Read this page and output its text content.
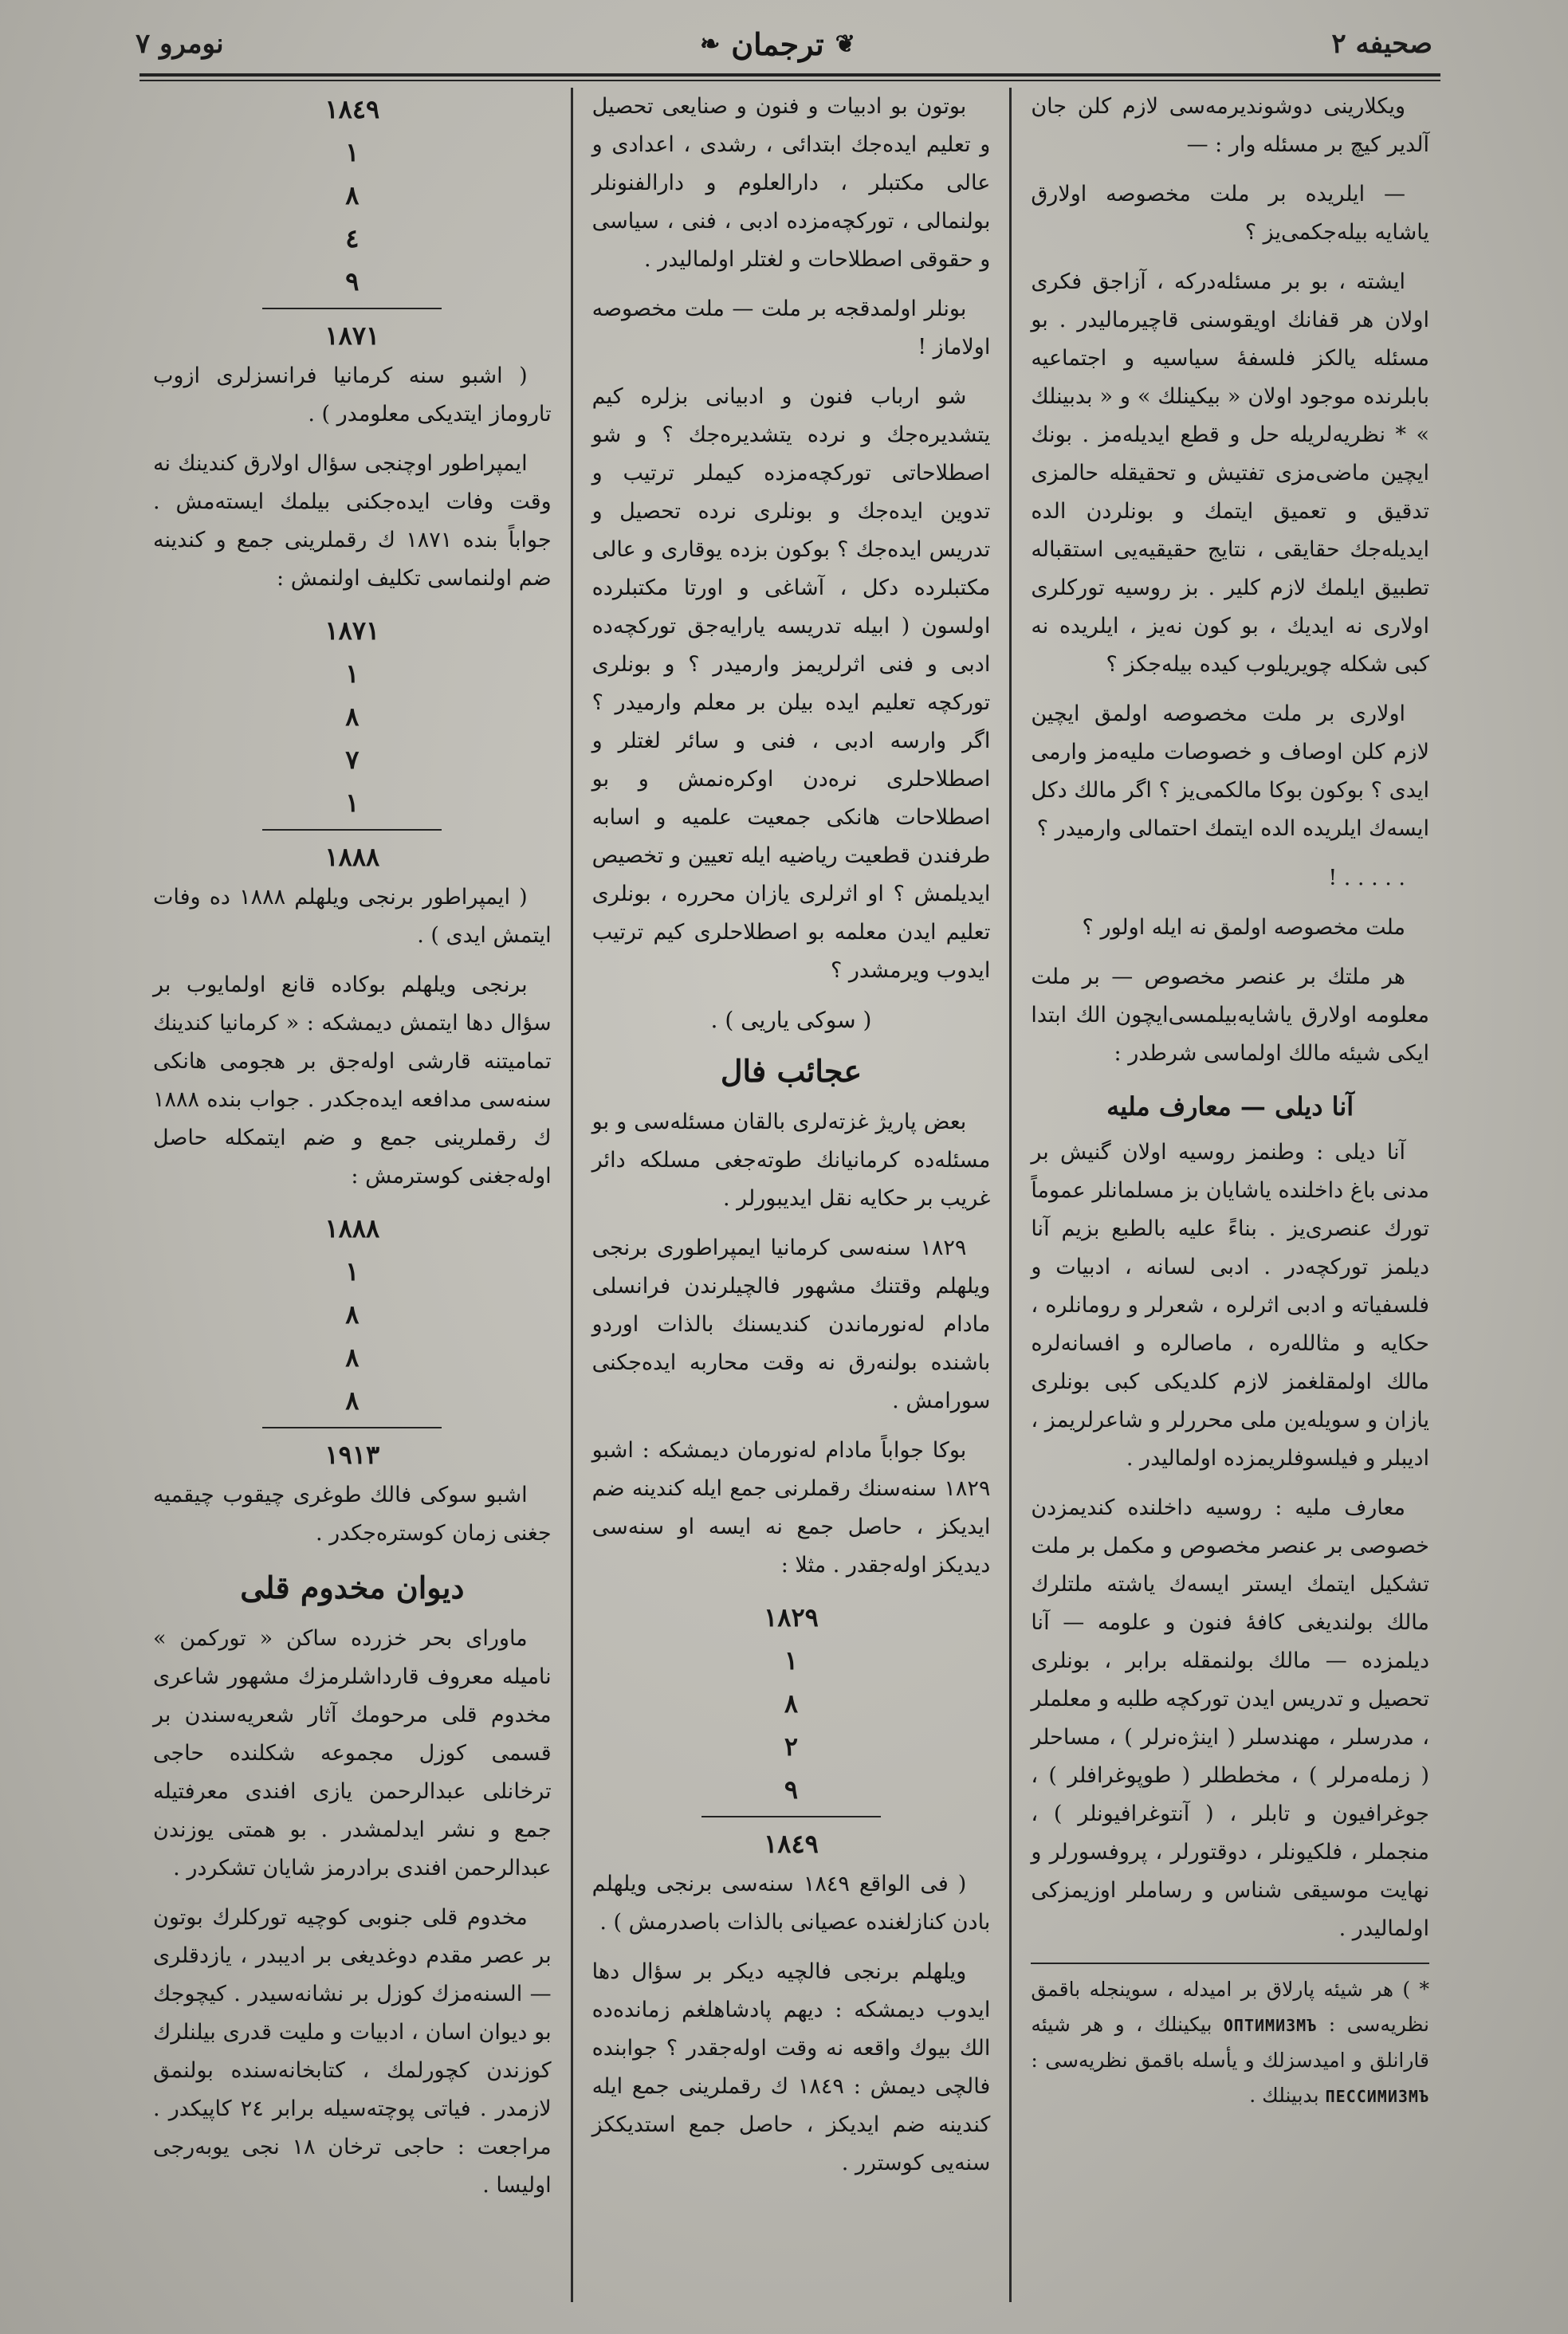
صحيفه ٢
❦
ترجمان
❧
نومرو ٧

ویكلارینی دوشوندیرمه‌سی لازم كلن جان آلدیر كیچ بر مسئله وار : —

— ایلریده بر ملت مخصوصه اولارق یاشایه بیله‌جكمی‌یز ؟

ایشته ، بو بر مسئله‌دركه ، آزاجق فكری اولان هر قفانك اویقوسنی قاچیرمالیدر . بو مسئله یالكز فلسفهٔ سیاسیه و اجتماعیه بابلرنده موجود اولان « بیكینلك » و « بدبینلك » * نظریه‌لریله حل و قطع ایدیله‌مز . بونك ایچین ماضی‌مزی تفتیش و تحقیقله حالمزی تدقیق و تعمیق ایتمك و بونلردن الده ایدیله‌جك حقایقی ، نتایج حقیقیه‌یی استقباله تطبیق ایلمك لازم كلیر . بز روسیه توركلری اولاری نه ایدیك ، بو كون نه‌یز ، ایلریده نه كبی شكله چویریلوب كیده بیله‌جكز ؟

اولاری بر ملت مخصوصه اولمق ایچین لازم كلن اوصاف و خصوصات ملیه‌مز وارمی ایدی ؟ بوكون بوكا مالكمی‌یز ؟ اگر مالك دكل ایسه‌ك ایلریده الده ایتمك احتمالی وارمیدر ؟

. . . . . !

ملت مخصوصه اولمق نه ایله اولور ؟

هر ملتك بر عنصر مخصوص — بر ملت معلومه اولارق یاشایه‌بیلمسی‌ایچون الك ابتدا ایكی شیئه مالك اولماسی شرطدر :

آنا دیلی — معارف ملیه

آنا دیلی : وطنمز روسیه اولان گنیش بر مدنی باغ داخلنده یاشایان بز مسلمانلر عموماً تورك عنصری‌یز . بناءً علیه بالطبع بزیم آنا دیلمز توركچه‌در . ادبی لسانه ، ادبیات و فلسفیاته و ادبی اثرلره ، شعرلر و رومانلره ، حكایه و مثالله‌ره ، ماصالره و افسانه‌لره مالك اولمقلغمز لازم كلدیكی كبی بونلری یازان و سویله‌ین ملی محررلر و شاعرلریمز ، ادیبلر و فیلسوفلریمزده اولمالیدر .

معارف ملیه : روسیه داخلنده كندیمزدن خصوصی بر عنصر مخصوص و مكمل بر ملت تشكیل ایتمك ایستر ایسه‌ك یاشته ملتلرك مالك بولندیغی كافهٔ فنون و علومه — آنا دیلمزده — مالك بولنمقله برابر ، بونلری تحصیل و تدریس ایدن توركچه طلبه و معلملر ، مدرسلر ، مهندسلر ( اینژه‌نرلر ) ، مساحلر ( زمله‌مرلر ) ، مخططلر ( طوپوغرافلر ) ، جوغرافیون و تابلر ، ( آنتوغرافیونلر ) ، منجملر ، فلكیونلر ، دوقتورلر ، پروفسورلر و نهایت موسیقی شناس و رساملر اوزیمزكی اولمالیدر .

* ) هر شیئه پارلاق بر امیدله ، سوینجله باقمق نظریه‌سی : ОПТИМИЗМЪ بیكینلك ، و هر شیئه قارانلق و امیدسزلك و یأسله باقمق نظریه‌سی : ПЕССИМИЗМЪ بدبینلك .

بوتون بو ادبیات و فنون و صنایعی تحصیل و تعلیم ایده‌جك ابتدائی ، رشدی ، اعدادی و عالی مكتبلر ، دارالعلوم و دارالفنونلر بولنمالی ، توركچه‌مزده ادبی ، فنی ، سیاسی و حقوقی اصطلاحات و لغتلر اولمالیدر .

بونلر اولمدقجه بر ملت — ملت مخصوصه اولاماز !

شو ارباب فنون و ادبیانی بزلره كیم یتشدیره‌جك و نرده یتشدیره‌جك ؟ و شو اصطلاحاتی توركچه‌مزده كیملر ترتیب و تدوین ایده‌جك و بونلری نرده تحصیل و تدریس ایده‌جك ؟ بوكون بزده یوقاری و عالی مكتبلرده دكل ، آشاغی و اورتا مكتبلرده اولسون ( ابیله تدریسه یارایه‌جق توركچه‌ده ادبی و فنی اثرلریمز وارمیدر ؟ و بونلری توركچه تعلیم ایده بیلن بر معلم وارمیدر ؟ اگر وارسه ادبی ، فنی و سائر لغتلر و اصطلاحلری نره‌دن اوكره‌نمش و بو اصطلاحات هانكی جمعیت علمیه و اسابه طرفندن قطعیت ریاضیه ایله تعیین و تخصیص ایدیلمش ؟ او اثرلری یازان محرره ، بونلری تعلیم ایدن معلمه بو اصطلاحلری كیم ترتیب ایدوب ویرمشدر ؟

( سوكی یاریی ) .
عجائب فال

بعض پاریژ غزته‌لری بالقان مسئله‌سی و بو مسئله‌ده كرمانیانك طوته‌جغی مسلكه دائر غریب بر حكایه نقل ایدیبورلر .

١٨٢٩ سنه‌سی كرمانیا ایمپراطوری برنجی ویلهلم وقتنك مشهور فالچیلرندن فرانسلی مادام له‌نورماندن كندیسنك بالذات اوردو باشنده بولنه‌رق نه وقت محاربه ایده‌جكنی سورامش .

بوكا جواباً مادام له‌نورمان دیمشكه : اشبو ١٨٢٩ سنه‌سنك رقملرنی جمع ایله كندینه ضم ایدیكز ، حاصل جمع نه ایسه او سنه‌سی دیدیكز اوله‌جقدر . مثلا :

١٨٢٩
١
٨
٢
٩
١٨٤٩

( فی الواقع ١٨٤٩ سنه‌سی برنجی ویلهلم بادن كنازلغنده عصیانی بالذات باصدرمش ) .

ویلهلم برنجی فالچیه دیكر بر سؤال دها ایدوب دیمشكه : دیهم پادشاهلغم زمانده‌ده الك بیوك واقعه نه وقت اوله‌جقدر ؟ جوابنده فالچی دیمش : ١٨٤٩ ك رقملرینی جمع ایله كندینه ضم ایدیكز ، حاصل جمع استدیككز سنه‌یی كوسترر .

١٨٤٩
١
٨
٤
٩
١٨٧١

( اشبو سنه كرمانیا فرانسزلری ازوب تاروماز ایتدیكی معلومدر ) .

ایمپراطور اوچنجی سؤال اولارق كندینك نه وقت وفات ایده‌جكنی بیلمك ایسته‌مش . جواباً بنده ١٨٧١ ك رقملرینی جمع و كندینه ضم اولنماسی تكلیف اولنمش :

١٨٧١
١
٨
٧
١
١٨٨٨

( ایمپراطور برنجی ویلهلم ١٨٨٨ ده وفات ایتمش ایدی ) .

برنجی ویلهلم بوكاده قانع اولمایوب بر سؤال دها ایتمش دیمشكه : « كرمانیا كندینك تمامیتنه قارشی اوله‌جق بر هجومی هانكی سنه‌سی مدافعه ایده‌جكدر . جواب بنده ١٨٨٨ ك رقملرینی جمع و ضم ایتمكله حاصل اوله‌جغنی كوسترمش :

١٨٨٨
١
٨
٨
٨
١٩١٣

اشبو سوكی فالك طوغری چیقوب چیقمیه جغنی زمان كوستره‌جكدر .

دیوان مخدوم قلی

ماورای بحر خزرده ساكن « توركمن » نامیله معروف قارداشلرمزك مشهور شاعری مخدوم قلی مرحومك آثار شعریه‌سندن بر قسمی كوزل مجموعه شكلنده حاجی ترخانلی عبدالرحمن یازی افندی معرفتیله جمع و نشر ایدلمشدر . بو همتی یوزندن عبدالرحمن افندی برادرمز شایان تشكردر .

مخدوم قلی جنوبی كوچیه توركلرك بوتون بر عصر مقدم دوغدیغی بر ادیبدر ، یازدقلری — السنه‌مزك كوزل بر نشانه‌سیدر . كیچوجك بو دیوان اسان ، ادبیات و ملیت قدری بیلنلرك كوزندن كچورلمك ، كتابخانه‌سنده بولنمق لازمدر . فیاتی پوچته‌سیله برابر ٢٤ كاپیكدر . مراجعت : حاجی ترخان ١٨ نجی یوبه‌رجی اولیسا .
